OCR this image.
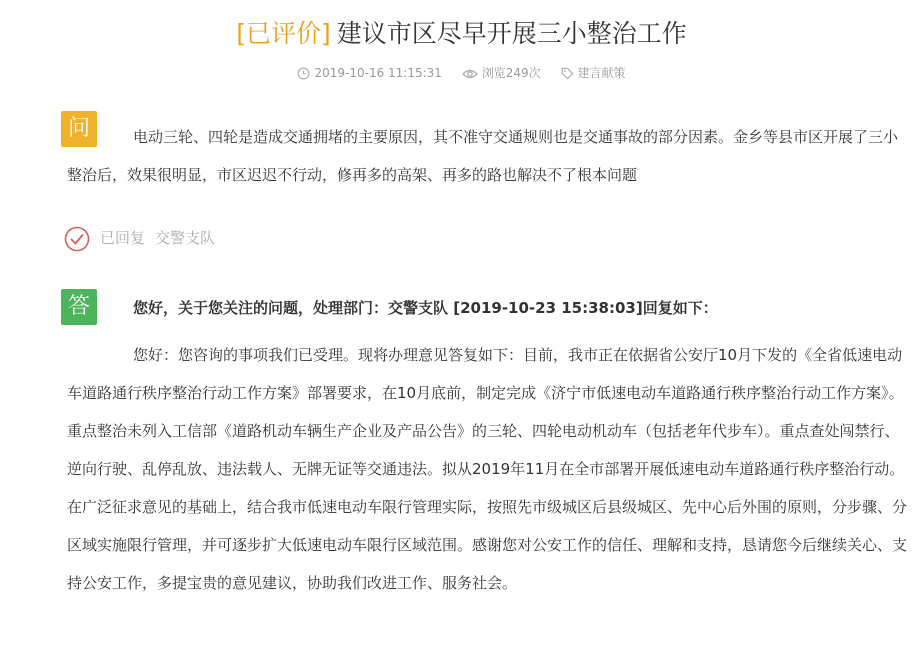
[已评价] 建议市区尽早开展三小整治工作
2019-10-16 11:15:31	浏览249次	建言献策
问	电动三轮、四轮是造成交通拥堵的主要原因，其不准守交通规则也是交通事故的部分因素。金乡等县市区开展了三小整治后，效果很明显，市区迟迟不行动，修再多的高架、再多的路也解决不了根本问题

已回复 交警支队
答	您好，关于您关注的问题，处理部门：交警支队 [2019-10-23 15:38:03]回复如下：

您好：您咨询的事项我们已受理。现将办理意见答复如下：目前，我市正在依据省公安厅10月下发的《全省低速电动车道路通行秩序整治行动工作方案》部署要求，在10月底前，制定完成《济宁市低速电动车道路通行秩序整治行动工作方案》。重点整治未列入工信部《道路机动车辆生产企业及产品公告》的三轮、四轮电动机动车（包括老年代步车）。重点查处闯禁行、逆向行驶、乱停乱放、违法载人、无牌无证等交通违法。拟从2019年11月在全市部署开展低速电动车道路通行秩序整治行动。在广泛征求意见的基础上，结合我市低速电动车限行管理实际，按照先市级城区后县级城区、先中心后外围的原则，分步骤、分区域实施限行管理，并可逐步扩大低速电动车限行区域范围。感谢您对公安工作的信任、理解和支持，恳请您今后继续关心、支持公安工作，多提宝贵的意见建议，协助我们改进工作、服务社会。
